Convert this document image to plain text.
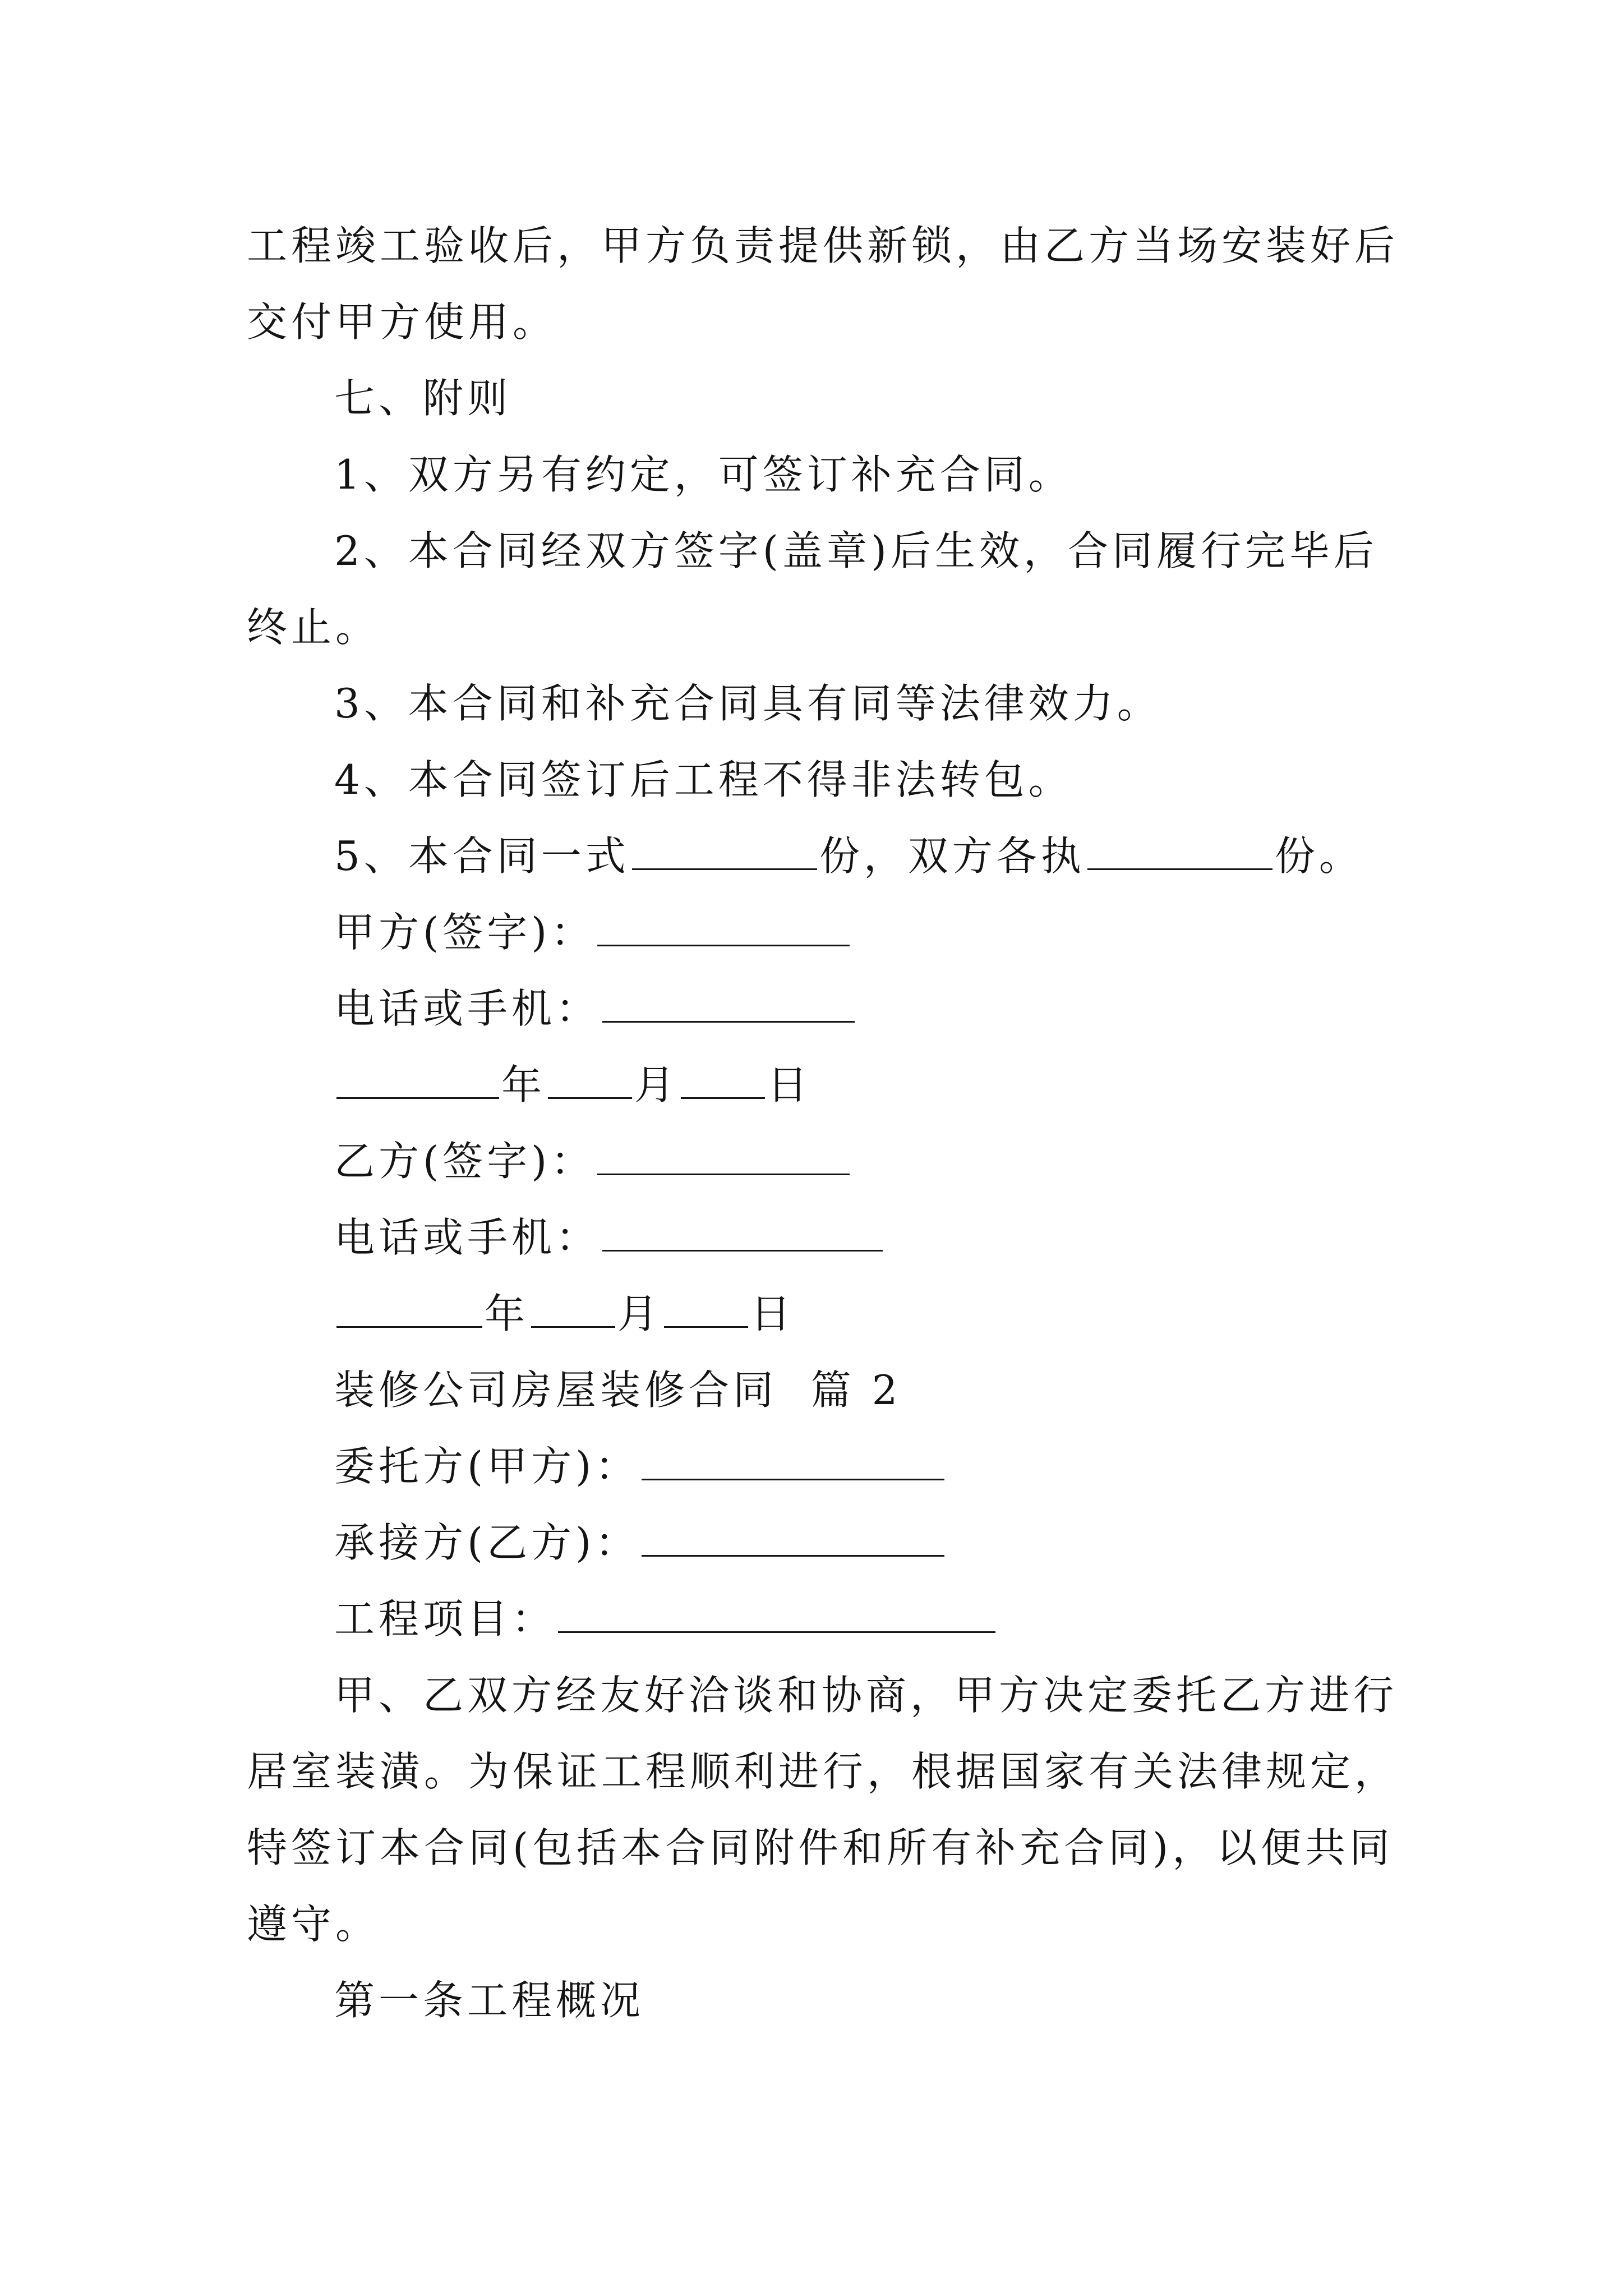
工程竣工验收后，甲方负责提供新锁，由乙方当场安装好后
交付甲方使用。
七、附则
1、双方另有约定，可签订补充合同。
2、本合同经双方签字(盖章)后生效，合同履行完毕后
终止。
3、本合同和补充合同具有同等法律效力。
4、本合同签订后工程不得非法转包。
5、本合同一式	份，双方各执	份。
甲方(签字)：
电话或手机：
年 月 日
乙方(签字)：
电话或手机：
年 月 日
装修公司房屋装修合同  篇 2
委托方(甲方)：
承接方(乙方)：
工程项目：
甲、乙双方经友好洽谈和协商，甲方决定委托乙方进行
居室装潢。为保证工程顺利进行，根据国家有关法律规定，
特签订本合同(包括本合同附件和所有补充合同)，以便共同
遵守。
第一条工程概况
